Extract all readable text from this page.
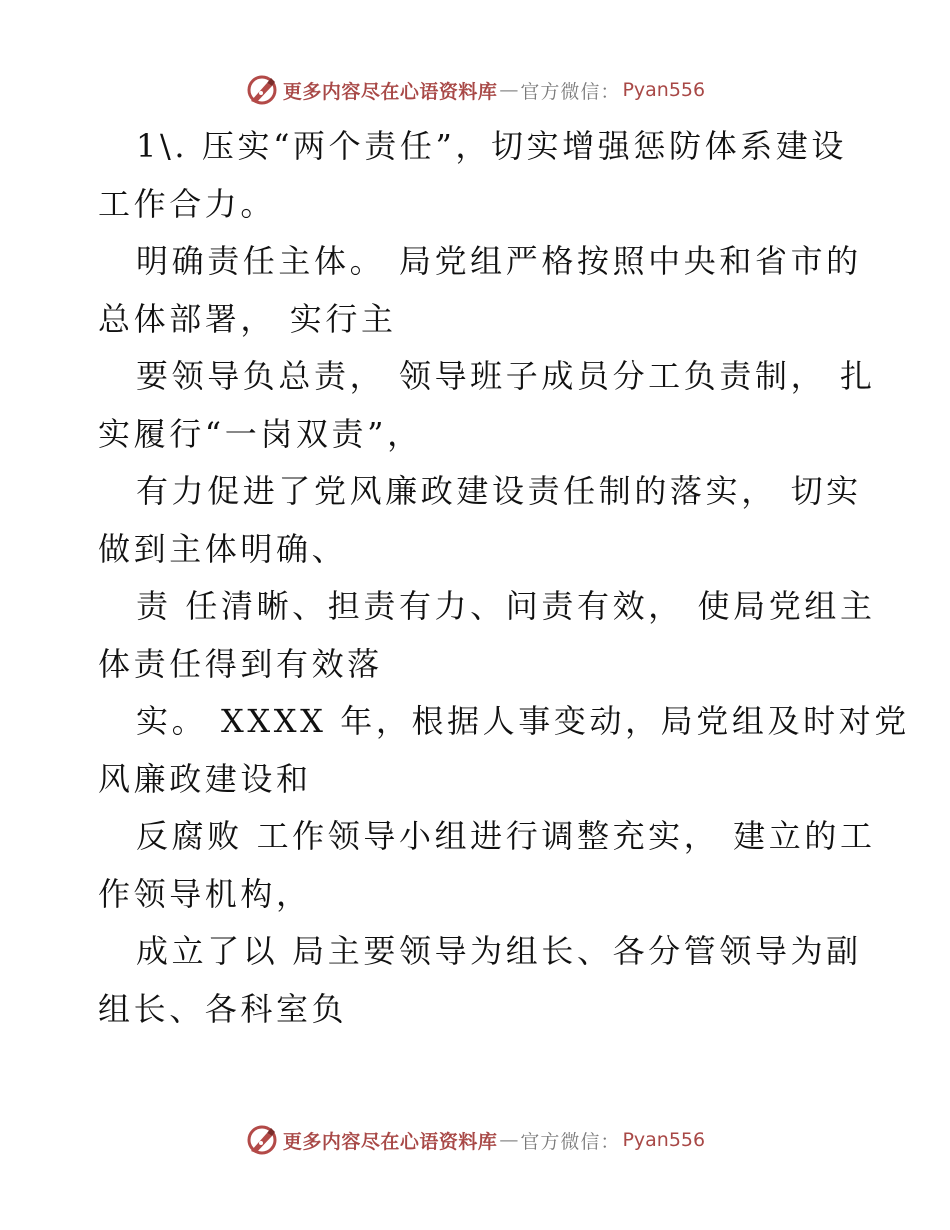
更多内容尽在心语资料库 — 官方微信： Pyan556

1\. 压实“两个责任”，切实增强惩防体系建设
工作合力。

明确责任主体。 局党组严格按照中央和省市的
总体部署， 实行主

要领导负总责， 领导班子成员分工负责制， 扎
实履行“一岗双责”，

有力促进了党风廉政建设责任制的落实， 切实
做到主体明确、

责 任清晰、担责有力、问责有效， 使局党组主
体责任得到有效落

实。 XXXX 年，根据人事变动，局党组及时对党
风廉政建设和

反腐败 工作领导小组进行调整充实， 建立的工
作领导机构，

成立了以 局主要领导为组长、各分管领导为副
组长、各科室负

更多内容尽在心语资料库 — 官方微信： Pyan556
